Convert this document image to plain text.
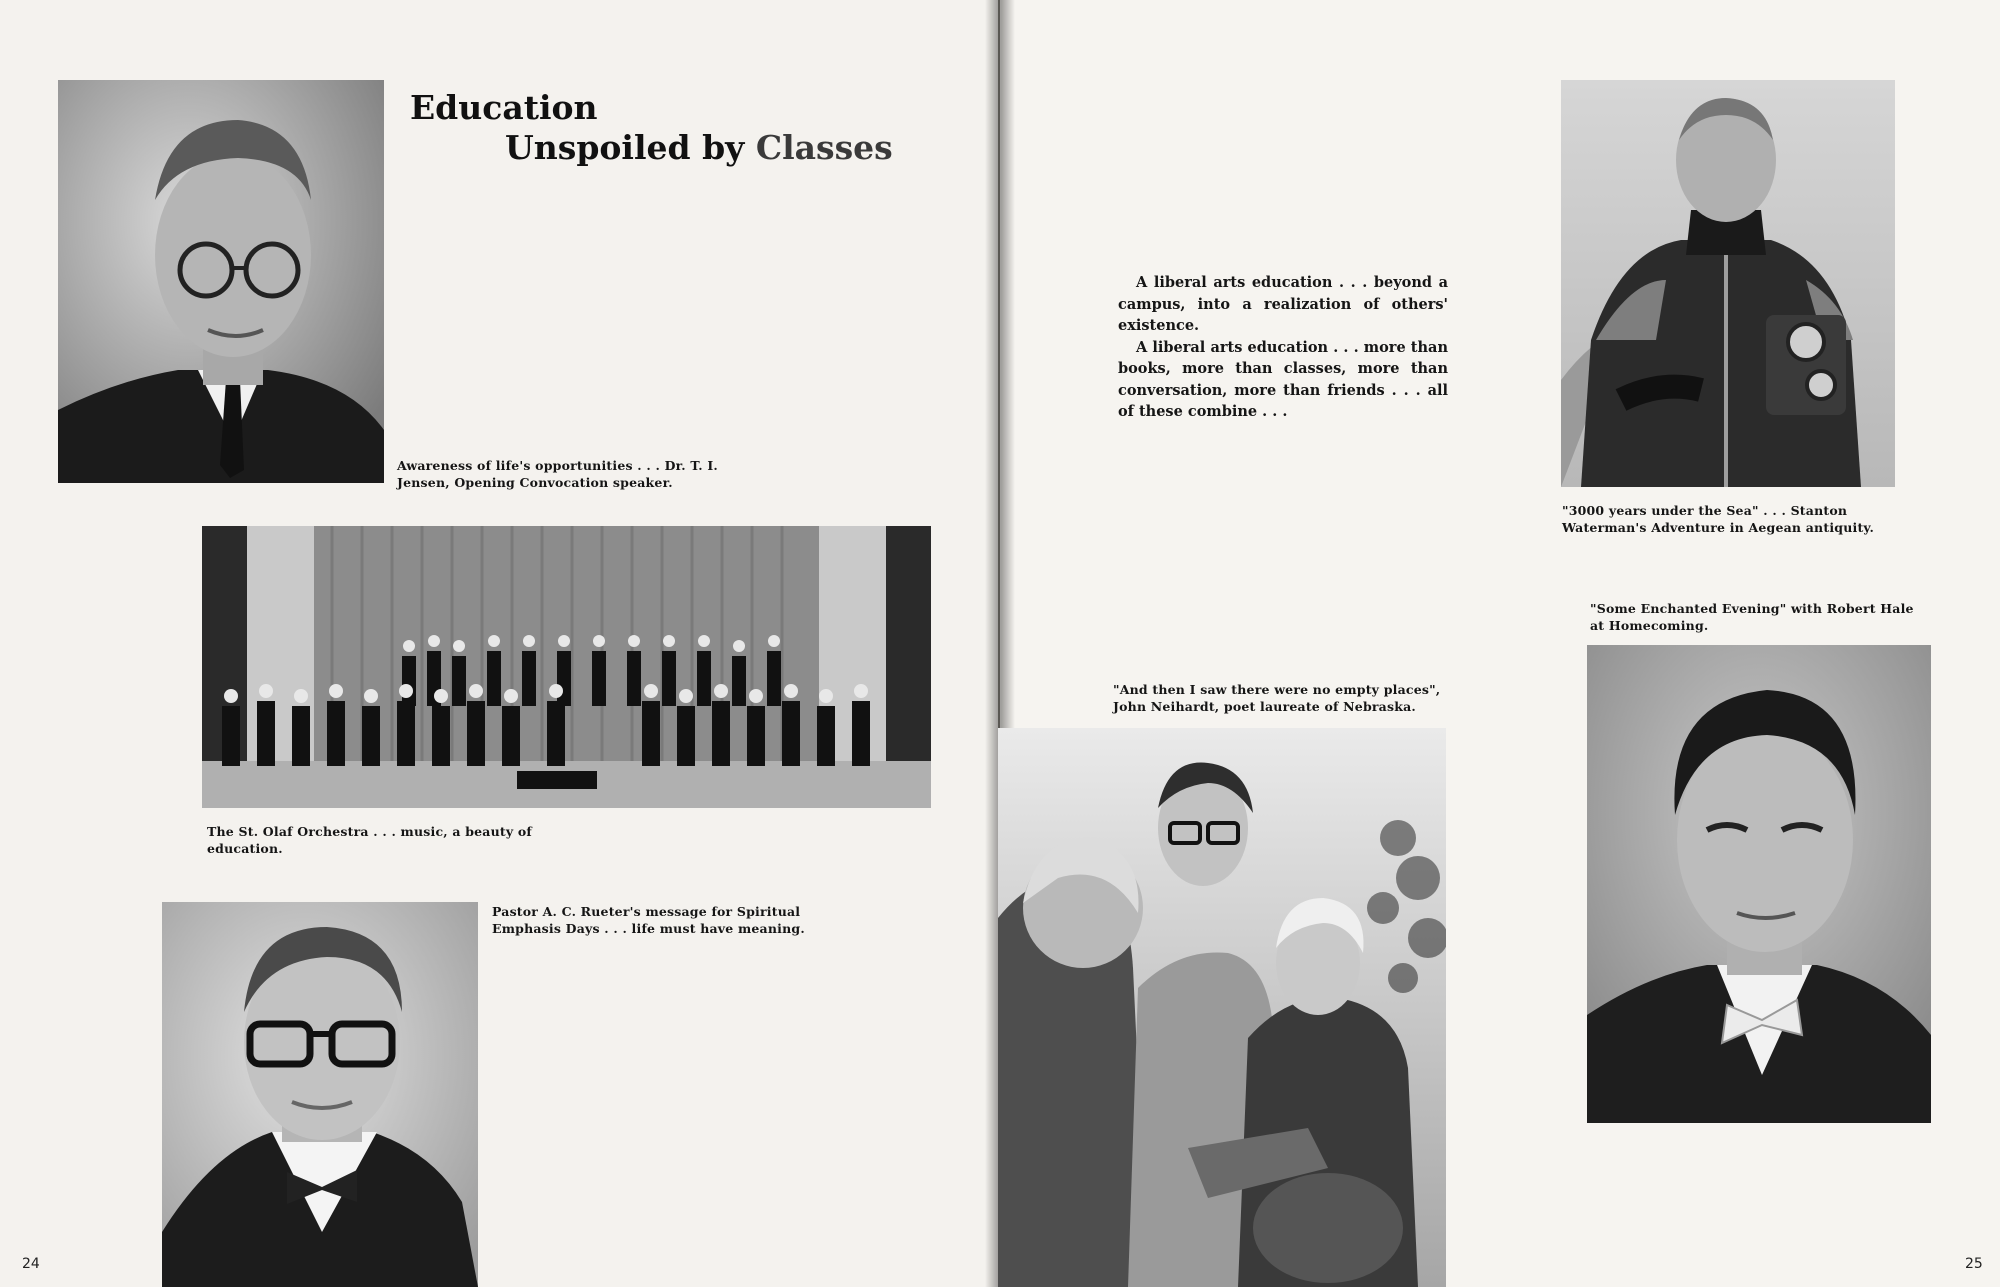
Education
Unspoiled by Classes
Awareness of life's opportunities . . . Dr. T. I. Jensen, Opening Convocation speaker.
The St. Olaf Orchestra . . . music, a beauty of education.
Pastor A. C. Rueter's message for Spiritual Emphasis Days . . . life must have meaning.
24

A liberal arts education . . . beyond a campus, into a realization of others' existence.

A liberal arts education . . . more than books, more than classes, more than conversation, more than friends . . . all of these combine . . .

"3000 years under the Sea" . . . Stanton Waterman's Adventure in Aegean antiquity.
"Some Enchanted Evening" with Robert Hale at Homecoming.
"And then I saw there were no empty places", John Neihardt, poet laureate of Nebraska.
25
